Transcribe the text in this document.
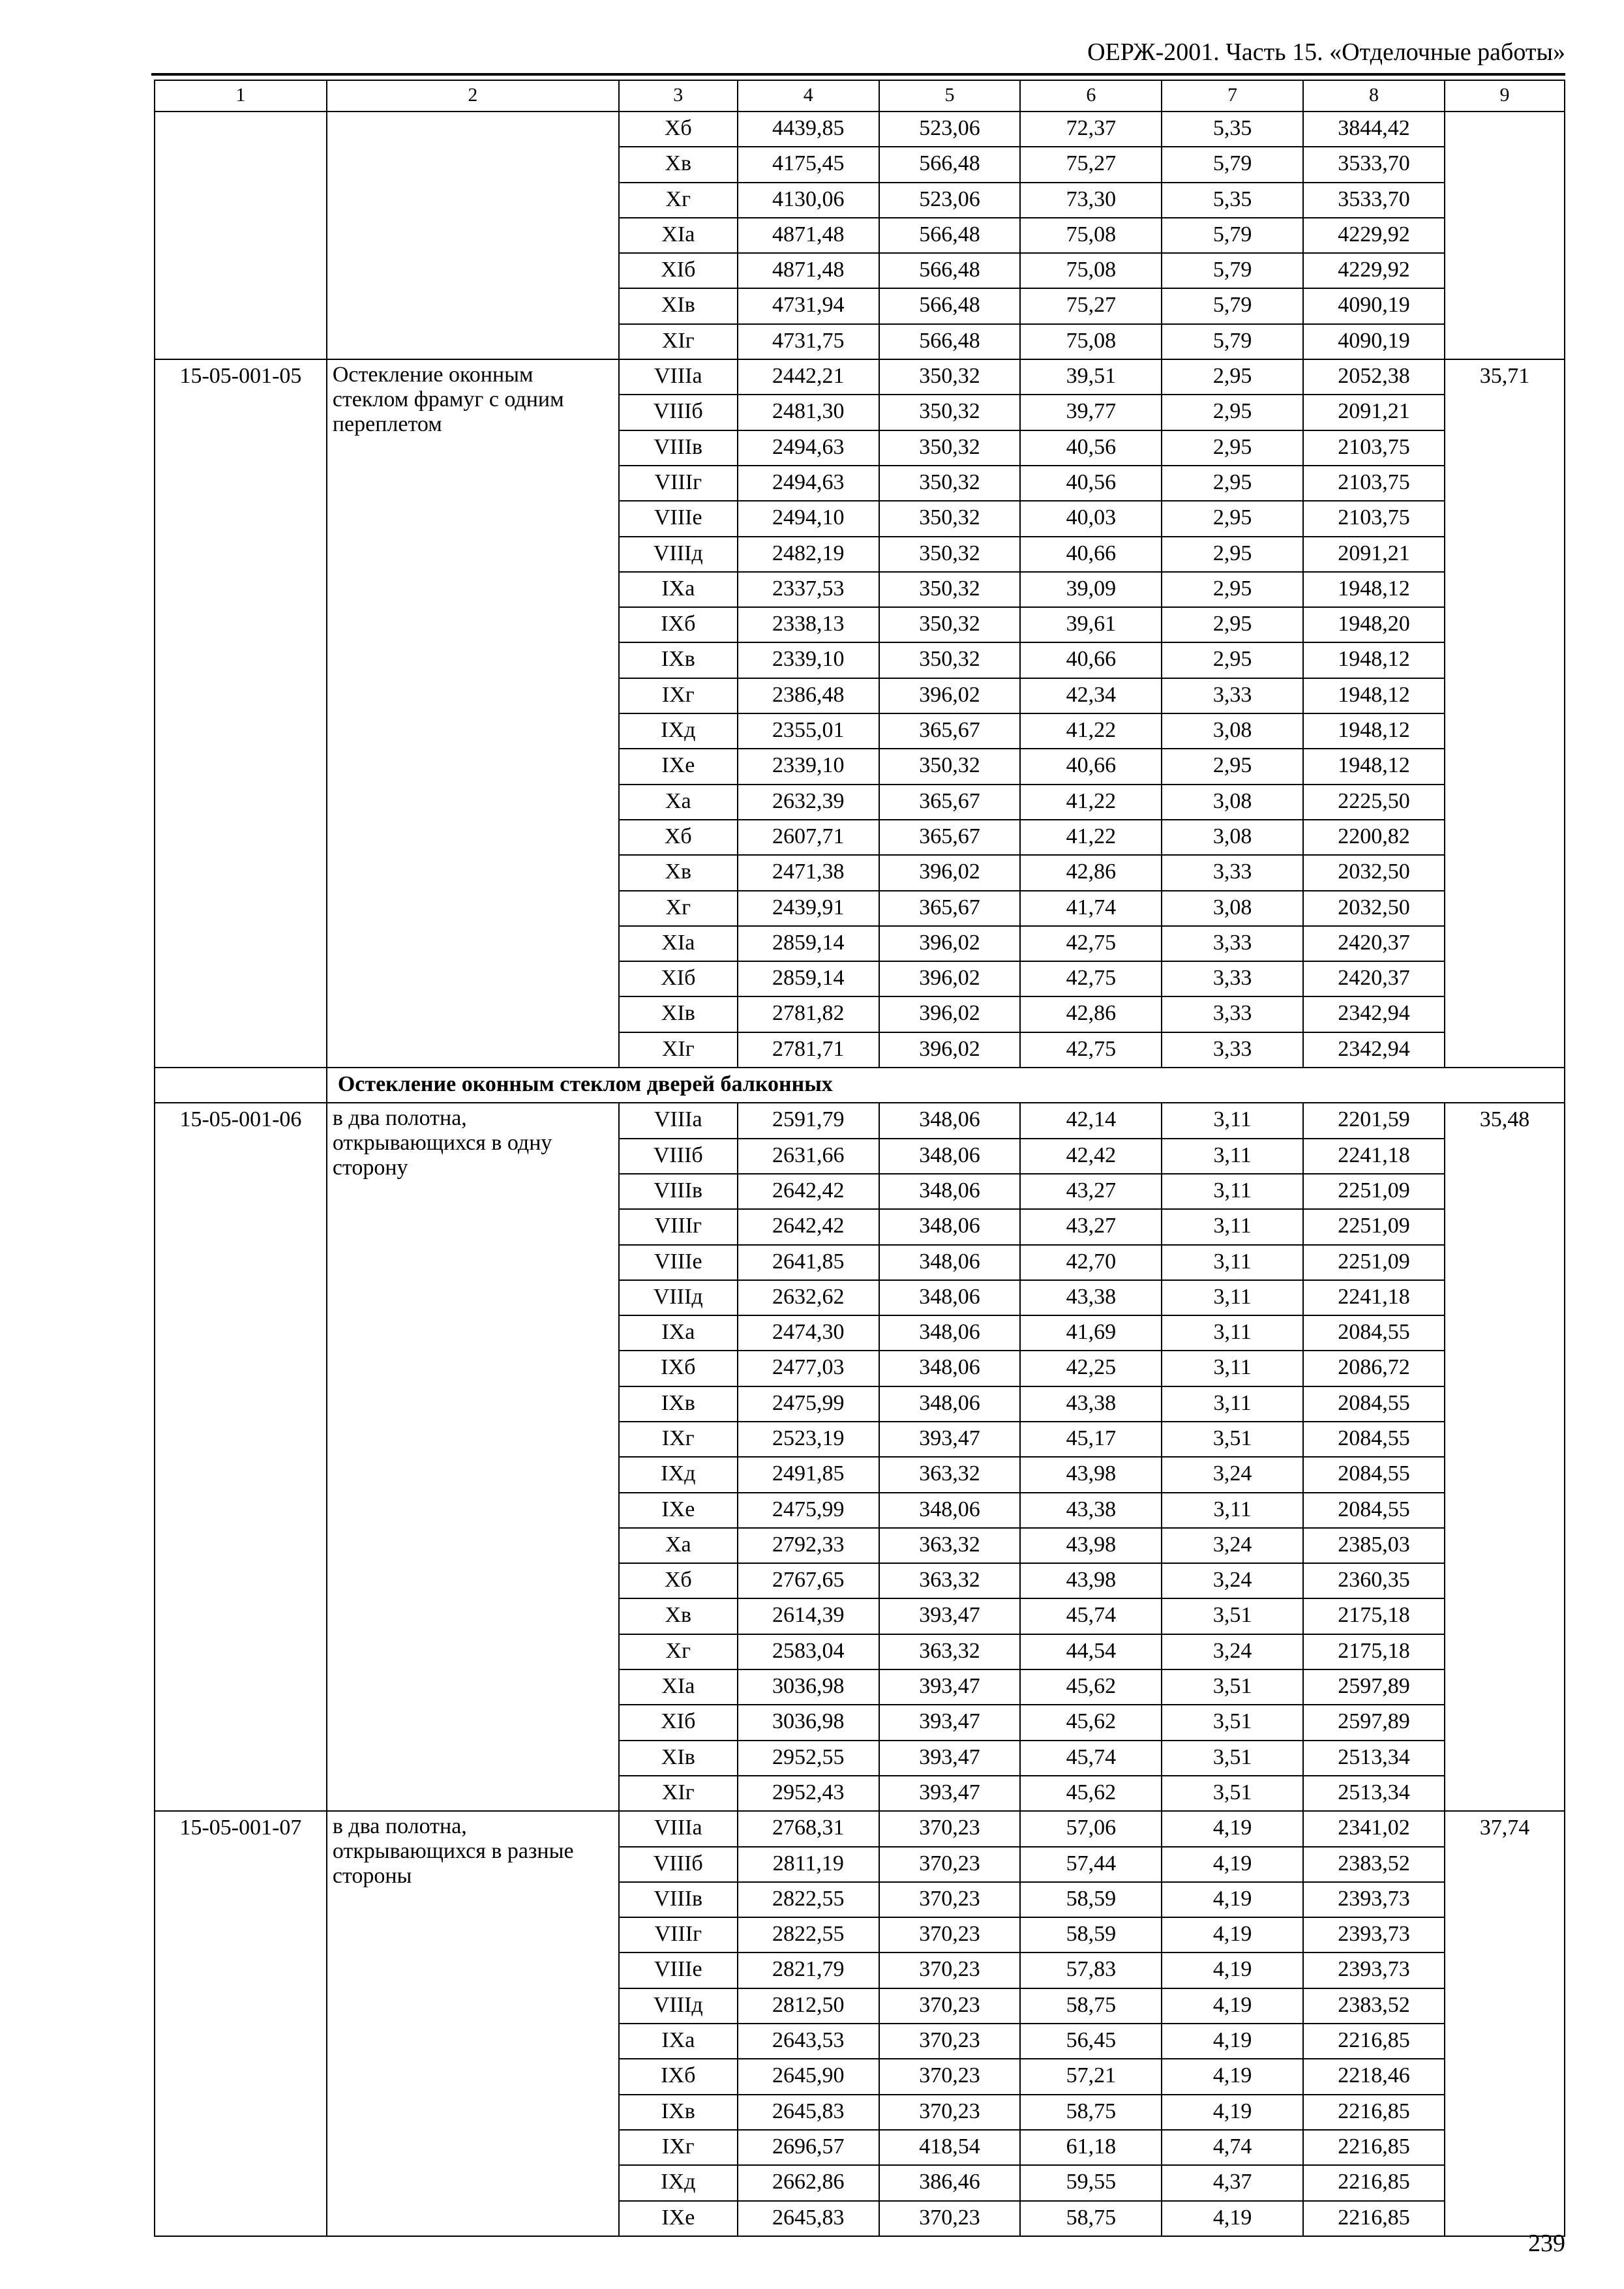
ОЕРЖ-2001. Часть 15. «Отделочные работы»
1	2	3	4	5	6	7	8	9
		Xб	4439,85	523,06	72,37	5,35	3844,42	
		Xв	4175,45	566,48	75,27	5,79	3533,70	
		Xг	4130,06	523,06	73,30	5,35	3533,70	
		XIa	4871,48	566,48	75,08	5,79	4229,92	
		XIб	4871,48	566,48	75,08	5,79	4229,92	
		XIв	4731,94	566,48	75,27	5,79	4090,19	
		XIг	4731,75	566,48	75,08	5,79	4090,19	
15-05-001-05	Остекление оконным стеклом фрамуг с одним переплетом	VIIIa	2442,21	350,32	39,51	2,95	2052,38	35,71
		VIIIб	2481,30	350,32	39,77	2,95	2091,21	
		VIIIв	2494,63	350,32	40,56	2,95	2103,75	
		VIIIг	2494,63	350,32	40,56	2,95	2103,75	
		VIIIe	2494,10	350,32	40,03	2,95	2103,75	
		VIIIд	2482,19	350,32	40,66	2,95	2091,21	
		IXa	2337,53	350,32	39,09	2,95	1948,12	
		IXб	2338,13	350,32	39,61	2,95	1948,20	
		IXв	2339,10	350,32	40,66	2,95	1948,12	
		IXг	2386,48	396,02	42,34	3,33	1948,12	
		IXд	2355,01	365,67	41,22	3,08	1948,12	
		IXe	2339,10	350,32	40,66	2,95	1948,12	
		Xa	2632,39	365,67	41,22	3,08	2225,50	
		Xб	2607,71	365,67	41,22	3,08	2200,82	
		Xв	2471,38	396,02	42,86	3,33	2032,50	
		Xг	2439,91	365,67	41,74	3,08	2032,50	
		XIa	2859,14	396,02	42,75	3,33	2420,37	
		XIб	2859,14	396,02	42,75	3,33	2420,37	
		XIв	2781,82	396,02	42,86	3,33	2342,94	
		XIг	2781,71	396,02	42,75	3,33	2342,94	
	Остекление оконным стеклом дверей балконных							
15-05-001-06	в два полотна, открывающихся в одну сторону	VIIIa	2591,79	348,06	42,14	3,11	2201,59	35,48
		VIIIб	2631,66	348,06	42,42	3,11	2241,18	
		VIIIв	2642,42	348,06	43,27	3,11	2251,09	
		VIIIг	2642,42	348,06	43,27	3,11	2251,09	
		VIIIe	2641,85	348,06	42,70	3,11	2251,09	
		VIIIд	2632,62	348,06	43,38	3,11	2241,18	
		IXa	2474,30	348,06	41,69	3,11	2084,55	
		IXб	2477,03	348,06	42,25	3,11	2086,72	
		IXв	2475,99	348,06	43,38	3,11	2084,55	
		IXг	2523,19	393,47	45,17	3,51	2084,55	
		IXд	2491,85	363,32	43,98	3,24	2084,55	
		IXe	2475,99	348,06	43,38	3,11	2084,55	
		Xa	2792,33	363,32	43,98	3,24	2385,03	
		Xб	2767,65	363,32	43,98	3,24	2360,35	
		Xв	2614,39	393,47	45,74	3,51	2175,18	
		Xг	2583,04	363,32	44,54	3,24	2175,18	
		XIa	3036,98	393,47	45,62	3,51	2597,89	
		XIб	3036,98	393,47	45,62	3,51	2597,89	
		XIв	2952,55	393,47	45,74	3,51	2513,34	
		XIг	2952,43	393,47	45,62	3,51	2513,34	
15-05-001-07	в два полотна, открывающихся в разные стороны	VIIIa	2768,31	370,23	57,06	4,19	2341,02	37,74
		VIIIб	2811,19	370,23	57,44	4,19	2383,52	
		VIIIв	2822,55	370,23	58,59	4,19	2393,73	
		VIIIг	2822,55	370,23	58,59	4,19	2393,73	
		VIIIe	2821,79	370,23	57,83	4,19	2393,73	
		VIIIд	2812,50	370,23	58,75	4,19	2383,52	
		IXa	2643,53	370,23	56,45	4,19	2216,85	
		IXб	2645,90	370,23	57,21	4,19	2218,46	
		IXв	2645,83	370,23	58,75	4,19	2216,85	
		IXг	2696,57	418,54	61,18	4,74	2216,85	
		IXд	2662,86	386,46	59,55	4,37	2216,85	
		IXe	2645,83	370,23	58,75	4,19	2216,85	
239
